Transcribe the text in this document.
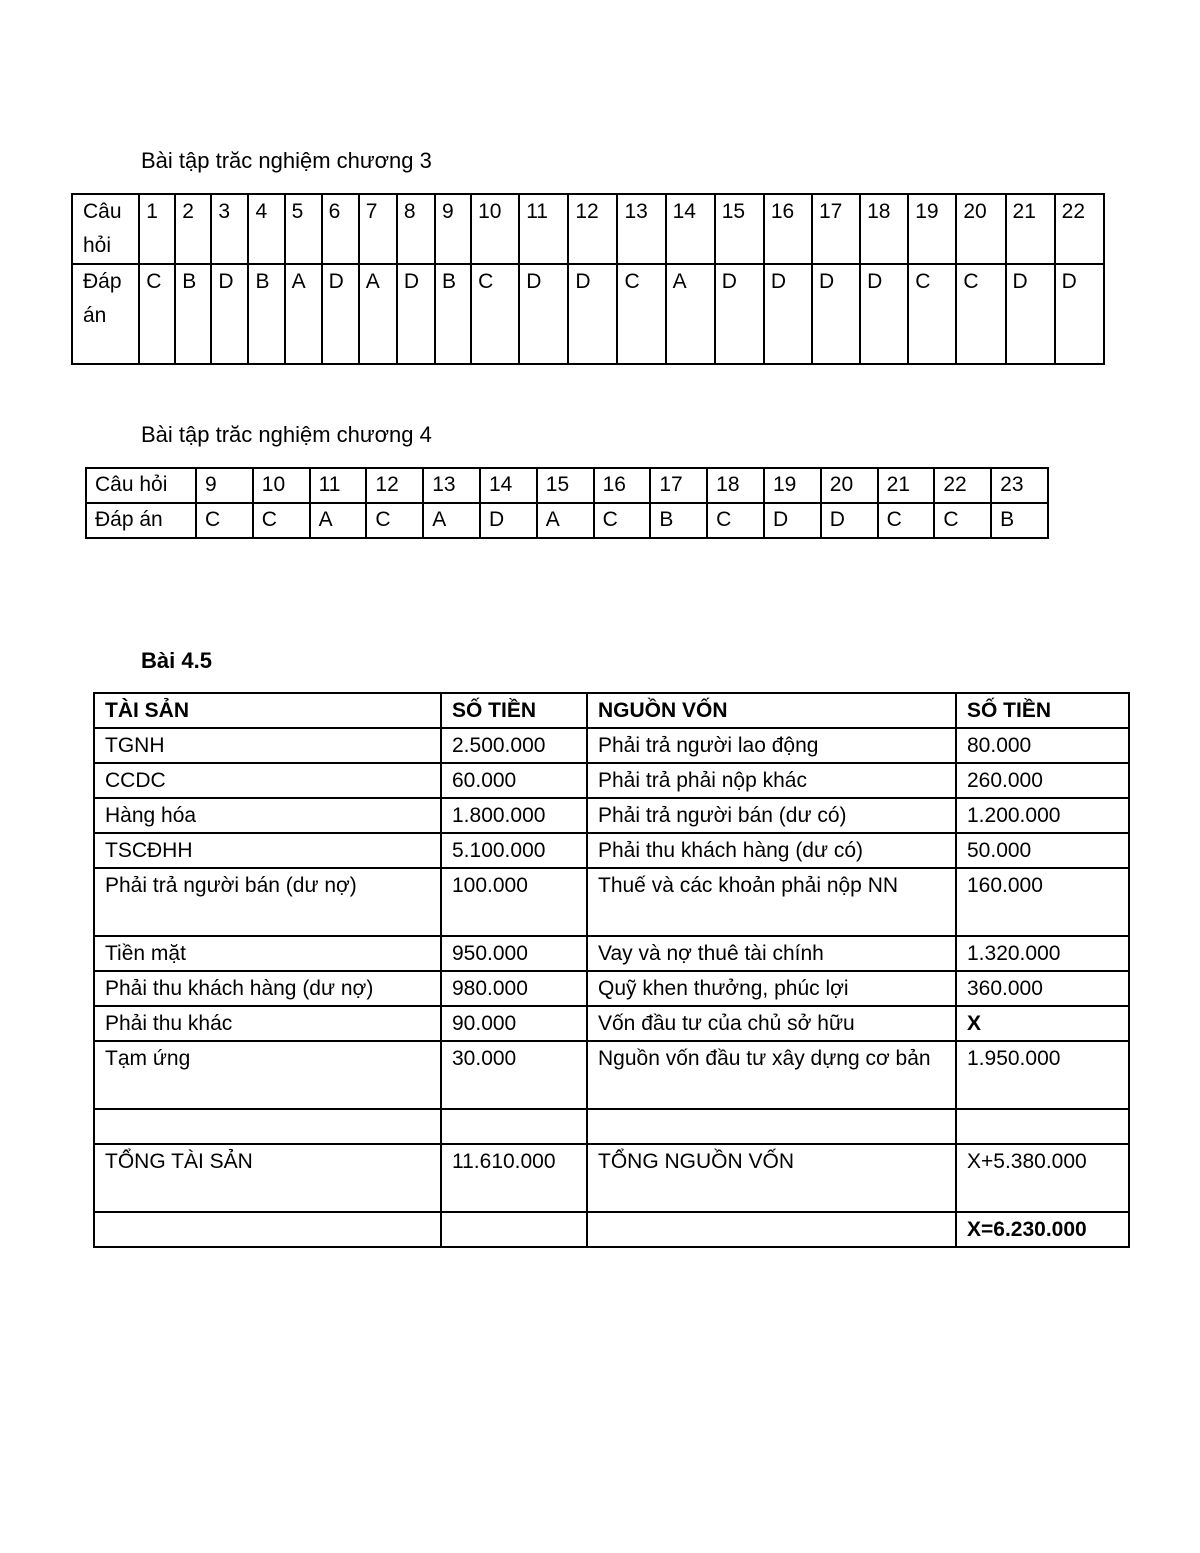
Bài tập trăc nghiệm chương 3
Câu hỏi	1	2	3	4	5	6	7	8	9	10	11	12	13	14	15	16	17	18	19	20	21	22
Đáp án	C	B	D	B	A	D	A	D	B	C	D	D	C	A	D	D	D	D	C	C	D	D
Bài tập trăc nghiệm chương 4
Câu hỏi	9	10	11	12	13	14	15	16	17	18	19	20	21	22	23
Đáp án	C	C	A	C	A	D	A	C	B	C	D	D	C	C	B
Bài 4.5
TÀI SẢN	SỐ TIỀN	NGUỒN VỐN	SỐ TIỀN
TGNH	2.500.000	Phải trả người lao động	80.000
CCDC	60.000	Phải trả phải nộp khác	260.000
Hàng hóa	1.800.000	Phải trả người bán (dư có)	1.200.000
TSCĐHH	5.100.000	Phải thu khách hàng (dư có)	50.000
Phải trả người bán (dư nợ)	100.000	Thuế và các khoản phải nộp NN	160.000
Tiền mặt	950.000	Vay và nợ thuê tài chính	1.320.000
Phải thu khách hàng (dư nợ)	980.000	Quỹ khen thưởng, phúc lợi	360.000
Phải thu khác	90.000	Vốn đầu tư của chủ sở hữu	X
Tạm ứng	30.000	Nguồn vốn đầu tư xây dựng cơ bản	1.950.000

TỔNG TÀI SẢN	11.610.000	TỔNG NGUỒN VỐN	X+5.380.000
			X=6.230.000
